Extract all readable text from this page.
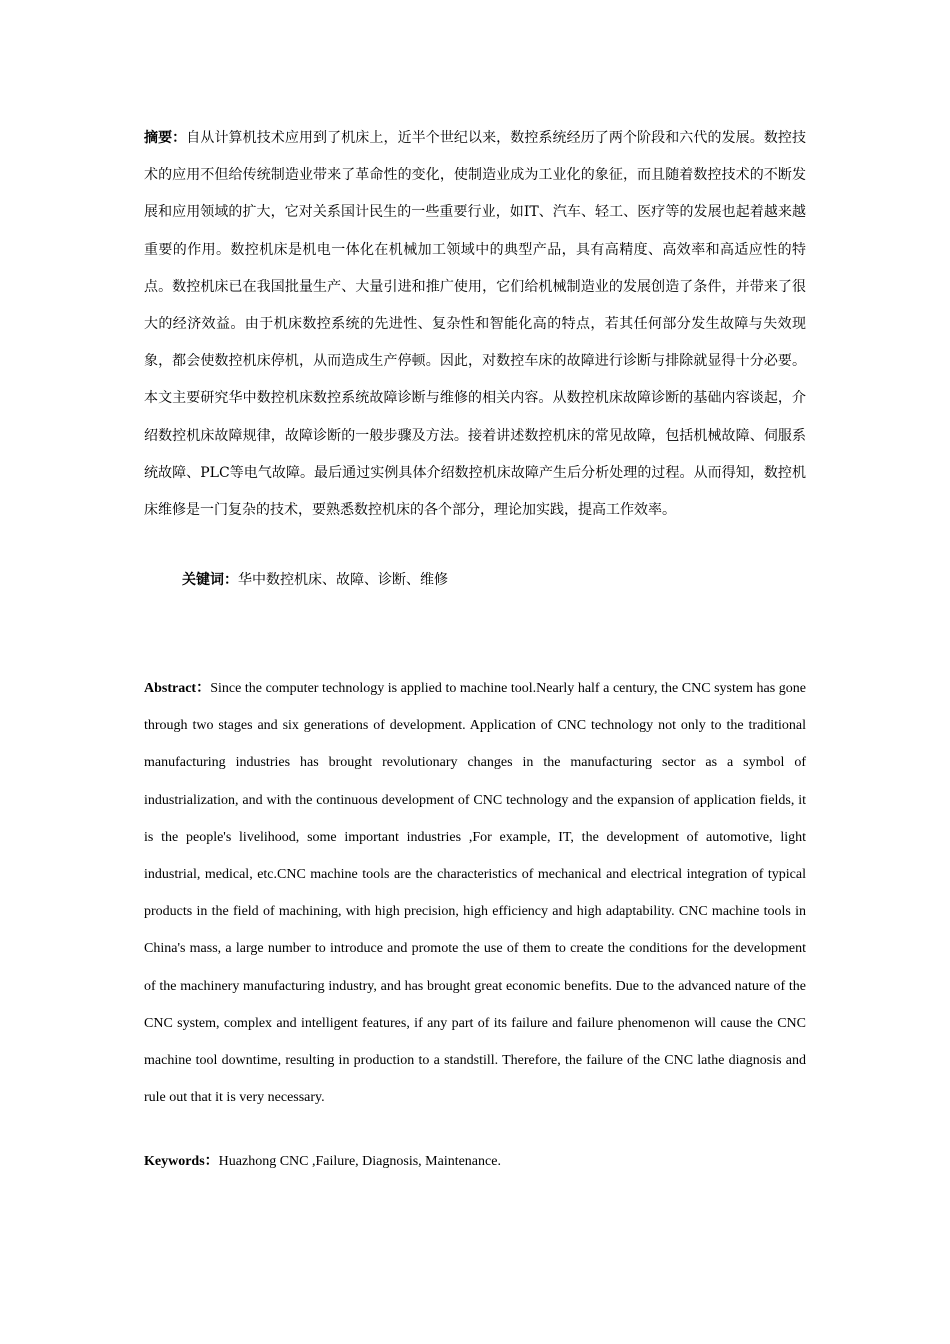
摘要：自从计算机技术应用到了机床上，近半个世纪以来，数控系统经历了两个阶段和六代的发展。数控技术的应用不但给传统制造业带来了革命性的变化，使制造业成为工业化的象征，而且随着数控技术的不断发展和应用领域的扩大，它对关系国计民生的一些重要行业，如IT、汽车、轻工、医疗等的发展也起着越来越重要的作用。数控机床是机电一体化在机械加工领域中的典型产品，具有高精度、高效率和高适应性的特点。数控机床已在我国批量生产、大量引进和推广使用，它们给机械制造业的发展创造了条件，并带来了很大的经济效益。由于机床数控系统的先进性、复杂性和智能化高的特点，若其任何部分发生故障与失效现象，都会使数控机床停机，从而造成生产停顿。因此，对数控车床的故障进行诊断与排除就显得十分必要。本文主要研究华中数控机床数控系统故障诊断与维修的相关内容。从数控机床故障诊断的基础内容谈起，介绍数控机床故障规律，故障诊断的一般步骤及方法。接着讲述数控机床的常见故障，包括机械故障、伺服系统故障、PLC等电气故障。最后通过实例具体介绍数控机床故障产生后分析处理的过程。从而得知，数控机床维修是一门复杂的技术，要熟悉数控机床的各个部分，理论加实践，提高工作效率。

关键词：华中数控机床、故障、诊断、维修

Abstract：Since the computer technology is applied to machine tool.Nearly half a century, the CNC system has gone through two stages and six generations of development. Application of CNC technology not only to the traditional manufacturing industries has brought revolutionary changes in the manufacturing sector as a symbol of industrialization, and with the continuous development of CNC technology and the expansion of application fields, it is the people's livelihood, some important industries ,For example, IT, the development of automotive, light industrial, medical, etc.CNC machine tools are the characteristics of mechanical and electrical integration of typical products in the field of machining, with high precision, high efficiency and high adaptability. CNC machine tools in China's mass, a large number to introduce and promote the use of them to create the conditions for the development of the machinery manufacturing industry, and has brought great economic benefits. Due to the advanced nature of the CNC system, complex and intelligent features, if any part of its failure and failure phenomenon will cause the CNC machine tool downtime, resulting in production to a standstill. Therefore, the failure of the CNC lathe diagnosis and rule out that it is very necessary.

Keywords：Huazhong CNC ,Failure, Diagnosis, Maintenance.
